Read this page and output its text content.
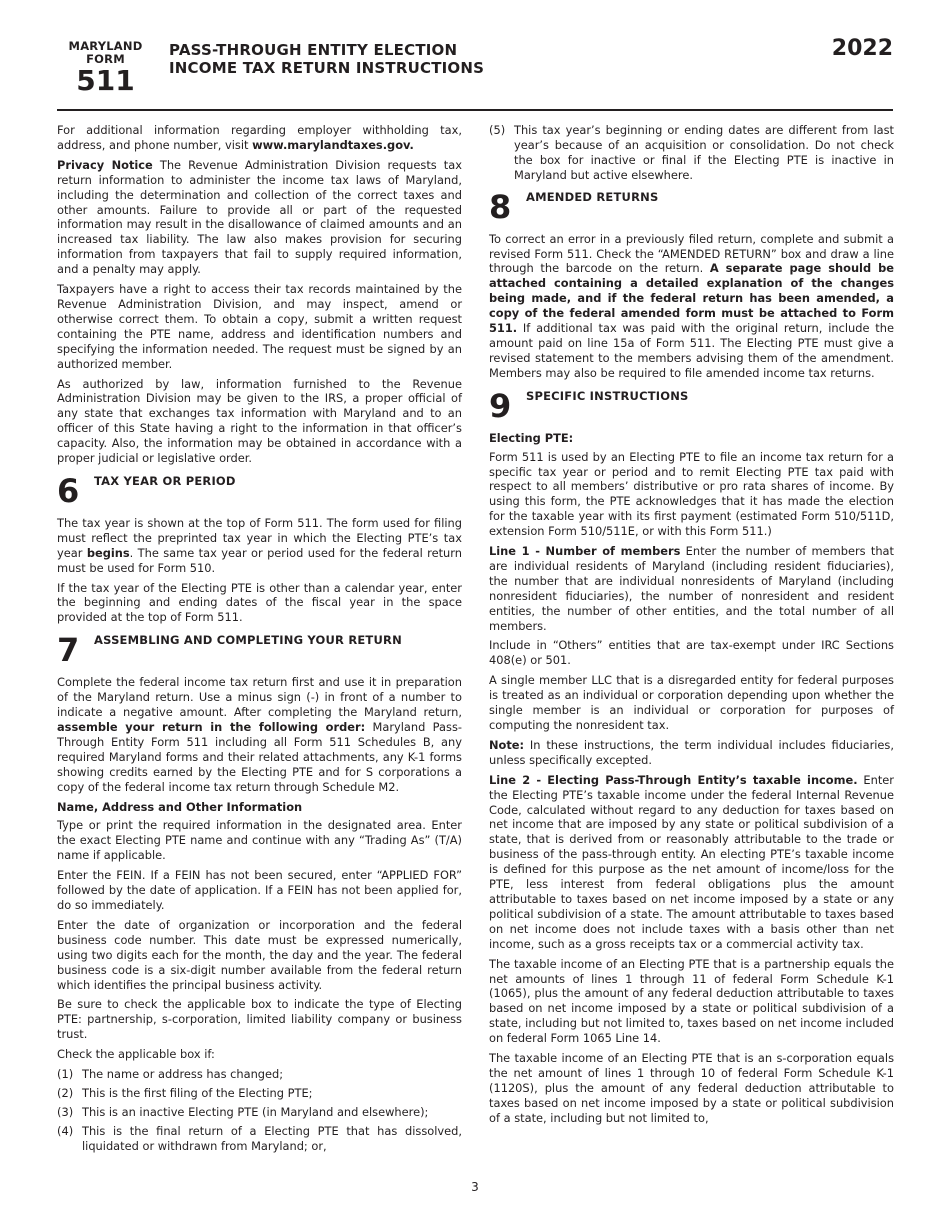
MARYLAND
FORM
511
PASS-THROUGH ENTITY ELECTION
INCOME TAX RETURN INSTRUCTIONS
2022

For additional information regarding employer withholding tax, address, and phone number, visit www.marylandtaxes.gov.

Privacy Notice The Revenue Administration Division requests tax return information to administer the income tax laws of Maryland, including the determination and collection of the correct taxes and other amounts. Failure to provide all or part of the requested information may result in the disallowance of claimed amounts and an increased tax liability. The law also makes provision for securing information from taxpayers that fail to supply required information, and a penalty may apply.

Taxpayers have a right to access their tax records maintained by the Revenue Administration Division, and may inspect, amend or otherwise correct them. To obtain a copy, submit a written request containing the PTE name, address and identification numbers and specifying the information needed. The request must be signed by an authorized member.

As authorized by law, information furnished to the Revenue Administration Division may be given to the IRS, a proper official of any state that exchanges tax information with Maryland and to an officer of this State having a right to the information in that officer’s capacity. Also, the information may be obtained in accordance with a proper judicial or legislative order.

6 TAX YEAR OR PERIOD

The tax year is shown at the top of Form 511. The form used for filing must reflect the preprinted tax year in which the Electing PTE’s tax year begins. The same tax year or period used for the federal return must be used for Form 510.

If the tax year of the Electing PTE is other than a calendar year, enter the beginning and ending dates of the fiscal year in the space provided at the top of Form 511.

7 ASSEMBLING AND COMPLETING YOUR RETURN

Complete the federal income tax return first and use it in preparation of the Maryland return. Use a minus sign (-) in front of a number to indicate a negative amount. After completing the Maryland return, assemble your return in the following order: Maryland Pass-Through Entity Form 511 including all Form 511 Schedules B, any required Maryland forms and their related attachments, any K-1 forms showing credits earned by the Electing PTE and for S corporations a copy of the federal income tax return through Schedule M2.

Name, Address and Other Information

Type or print the required information in the designated area. Enter the exact Electing PTE name and continue with any “Trading As” (T/A) name if applicable.

Enter the FEIN. If a FEIN has not been secured, enter “APPLIED FOR” followed by the date of application. If a FEIN has not been applied for, do so immediately.

Enter the date of organization or incorporation and the federal business code number. This date must be expressed numerically, using two digits each for the month, the day and the year. The federal business code is a six-digit number available from the federal return which identifies the principal business activity.

Be sure to check the applicable box to indicate the type of Electing PTE: partnership, s-corporation, limited liability company or business trust.

Check the applicable box if:

(1) The name or address has changed;
(2) This is the first filing of the Electing PTE;
(3) This is an inactive Electing PTE (in Maryland and elsewhere);
(4) This is the final return of a Electing PTE that has dissolved, liquidated or withdrawn from Maryland; or,
(5) This tax year’s beginning or ending dates are different from last year’s because of an acquisition or consolidation. Do not check the box for inactive or final if the Electing PTE is inactive in Maryland but active elsewhere.
8 AMENDED RETURNS

To correct an error in a previously filed return, complete and submit a revised Form 511. Check the “AMENDED RETURN” box and draw a line through the barcode on the return. A separate page should be attached containing a detailed explanation of the changes being made, and if the federal return has been amended, a copy of the federal amended form must be attached to Form 511. If additional tax was paid with the original return, include the amount paid on line 15a of Form 511. The Electing PTE must give a revised statement to the members advising them of the amendment. Members may also be required to file amended income tax returns.

9 SPECIFIC INSTRUCTIONS
Electing PTE:

Form 511 is used by an Electing PTE to file an income tax return for a specific tax year or period and to remit Electing PTE tax paid with respect to all members’ distributive or pro rata shares of income. By using this form, the PTE acknowledges that it has made the election for the taxable year with its first payment (estimated Form 510/511D, extension Form 510/511E, or with this Form 511.)

Line 1 - Number of members Enter the number of members that are individual residents of Maryland (including resident fiduciaries), the number that are individual nonresidents of Maryland (including nonresident fiduciaries), the number of nonresident and resident entities, the number of other entities, and the total number of all members.

Include in “Others” entities that are tax-exempt under IRC Sections 408(e) or 501.

A single member LLC that is a disregarded entity for federal purposes is treated as an individual or corporation depending upon whether the single member is an individual or corporation for purposes of computing the nonresident tax.

Note: In these instructions, the term individual includes fiduciaries, unless specifically excepted.

Line 2 - Electing Pass-Through Entity’s taxable income. Enter the Electing PTE’s taxable income under the federal Internal Revenue Code, calculated without regard to any deduction for taxes based on net income that are imposed by any state or political subdivision of a state, that is derived from or reasonably attributable to the trade or business of the pass-through entity. An electing PTE’s taxable income is defined for this purpose as the net amount of income/loss for the PTE, less interest from federal obligations plus the amount attributable to taxes based on net income imposed by a state or any political subdivision of a state. The amount attributable to taxes based on net income does not include taxes with a basis other than net income, such as a gross receipts tax or a commercial activity tax.

The taxable income of an Electing PTE that is a partnership equals the net amounts of lines 1 through 11 of federal Form Schedule K-1 (1065), plus the amount of any federal deduction attributable to taxes based on net income imposed by a state or political subdivision of a state, including but not limited to, taxes based on net income included on federal Form 1065 Line 14.

The taxable income of an Electing PTE that is an s-corporation equals the net amount of lines 1 through 10 of federal Form Schedule K-1 (1120S), plus the amount of any federal deduction attributable to taxes based on net income imposed by a state or political subdivision of a state, including but not limited to,

3
